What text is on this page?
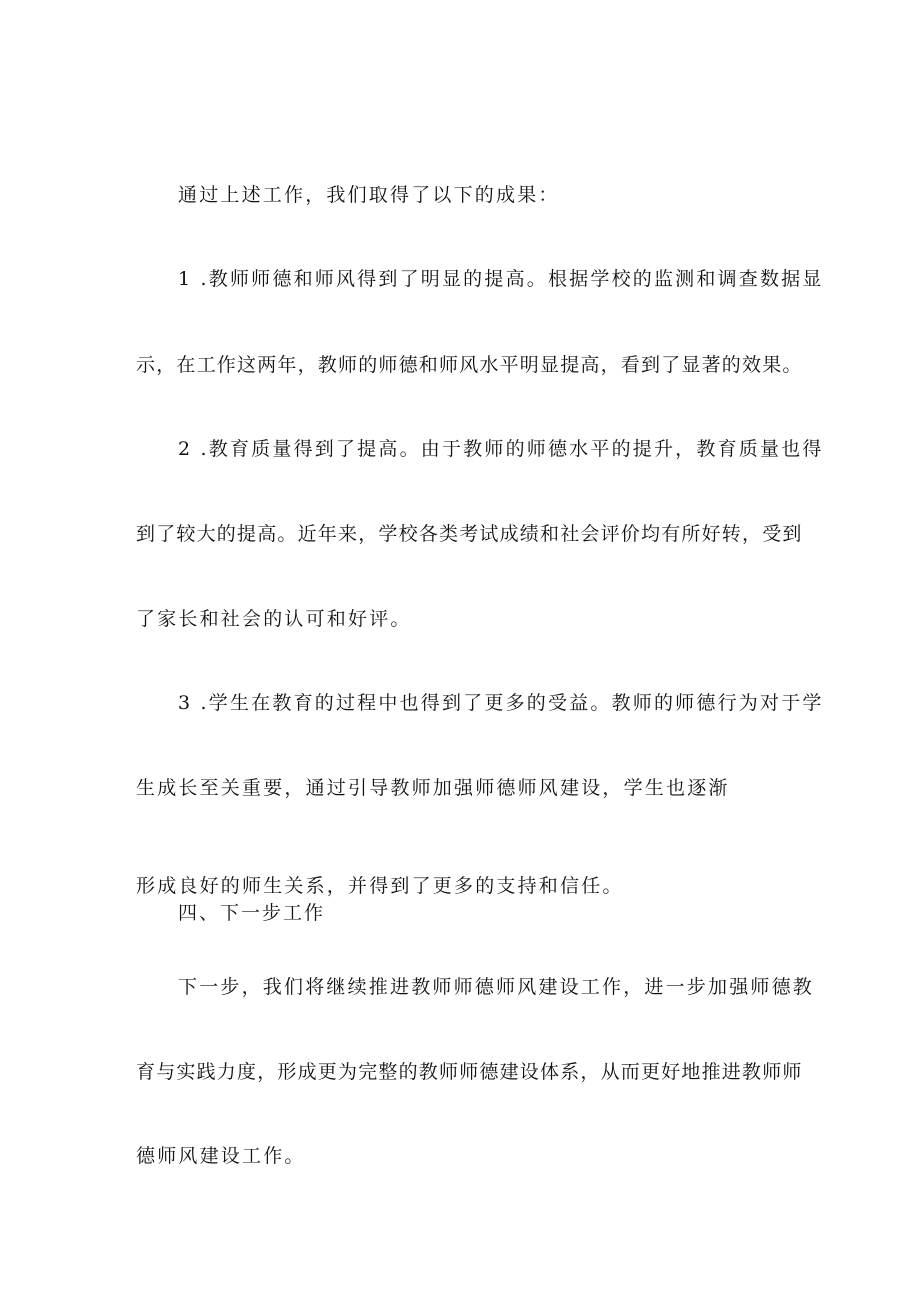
通过上述工作，我们取得了以下的成果：
1 .教师师德和师风得到了明显的提高。根据学校的监测和调查数据显
示，在工作这两年，教师的师德和师风水平明显提高，看到了显著的效果。
2 .教育质量得到了提高。由于教师的师德水平的提升，教育质量也得
到了较大的提高。近年来，学校各类考试成绩和社会评价均有所好转，受到
了家长和社会的认可和好评。
3 .学生在教育的过程中也得到了更多的受益。教师的师德行为对于学
生成长至关重要，通过引导教师加强师德师风建设，学生也逐渐
形成良好的师生关系，并得到了更多的支持和信任。
四、下一步工作
下一步，我们将继续推进教师师德师风建设工作，进一步加强师德教
育与实践力度，形成更为完整的教师师德建设体系，从而更好地推进教师师
德师风建设工作。
